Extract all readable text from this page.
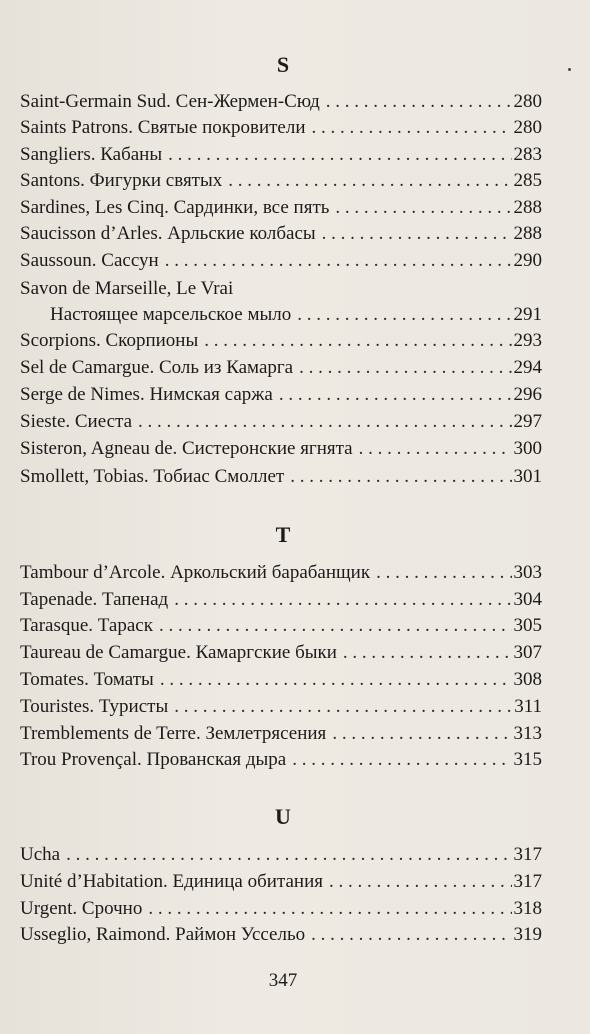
S
Saint-Germain Sud. Сен-Жермен-Сюд . . .	280
Saints Patrons. Святые покровители . . .	280
Sangliers. Кабаны . . .	283
Santons. Фигурки святых . . .	285
Sardines, Les Cinq. Сардинки, все пять . . .	288
Saucisson d’Arles. Арльские колбасы . . .	288
Saussoun. Сассун . . .	290
Savon de Marseille, Le Vrai
Настоящее марсельское мыло . . .	291
Scorpions. Скорпионы . . .	293
Sel de Camargue. Соль из Камарга . . .	294
Serge de Nimes. Нимская саржа . . .	296
Sieste. Сиеста . . .	297
Sisteron, Agneau de. Систеронские ягнята . . .	300
Smollett, Tobias. Тобиас Смоллет . . .	301
T
Tambour d’Arcole. Аркольский барабанщик . . .	303
Tapenade. Тапенад . . .	304
Tarasque. Тараск . . .	305
Taureau de Camargue. Камаргские быки . . .	307
Tomates. Томаты . . .	308
Touristes. Туристы . . .	311
Tremblements de Terre. Землетрясения . . .	313
Trou Provençal. Прованская дыра . . .	315
U
Ucha . . .	317
Unité d’Habitation. Единица обитания . . .	317
Urgent. Срочно . . .	318
Usseglio, Raimond. Раймон Уссельо . . .	319
347
